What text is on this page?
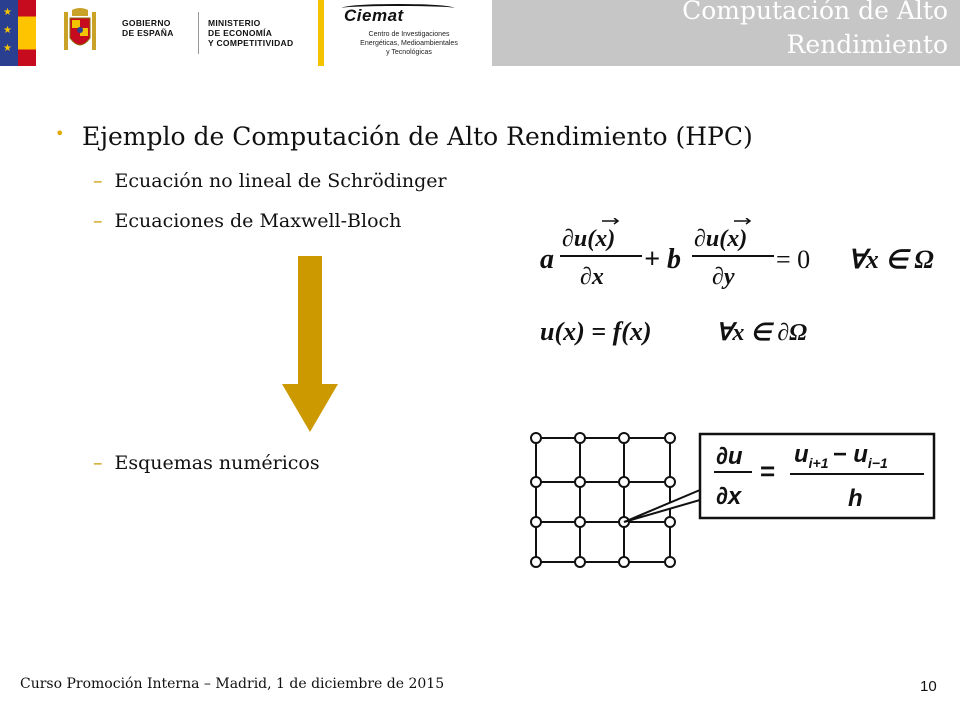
★
★
★
GOBIERNO
DE ESPAÑA
MINISTERIO
DE ECONOMÍA
Y COMPETITIVIDAD
Ciemat
Centro de Investigaciones
Energéticas, Medioambientales
y Tecnológicas
Computación de Alto
Rendimiento
• Ejemplo de Computación de Alto Rendimiento (HPC)
– Ecuación no lineal de Schrödinger
– Ecuaciones de Maxwell-Bloch
– Esquemas numéricos
a
∂u(x)
∂x
+ b
∂u(x)
∂y
= 0 ∀x ∈ Ω
u(x) = f(x)	∀x ∈ ∂Ω
∂u
∂x
=
$u_{i+1} - u_{i-1}$
h
Curso Promoción Interna – Madrid, 1 de diciembre de 2015	10
